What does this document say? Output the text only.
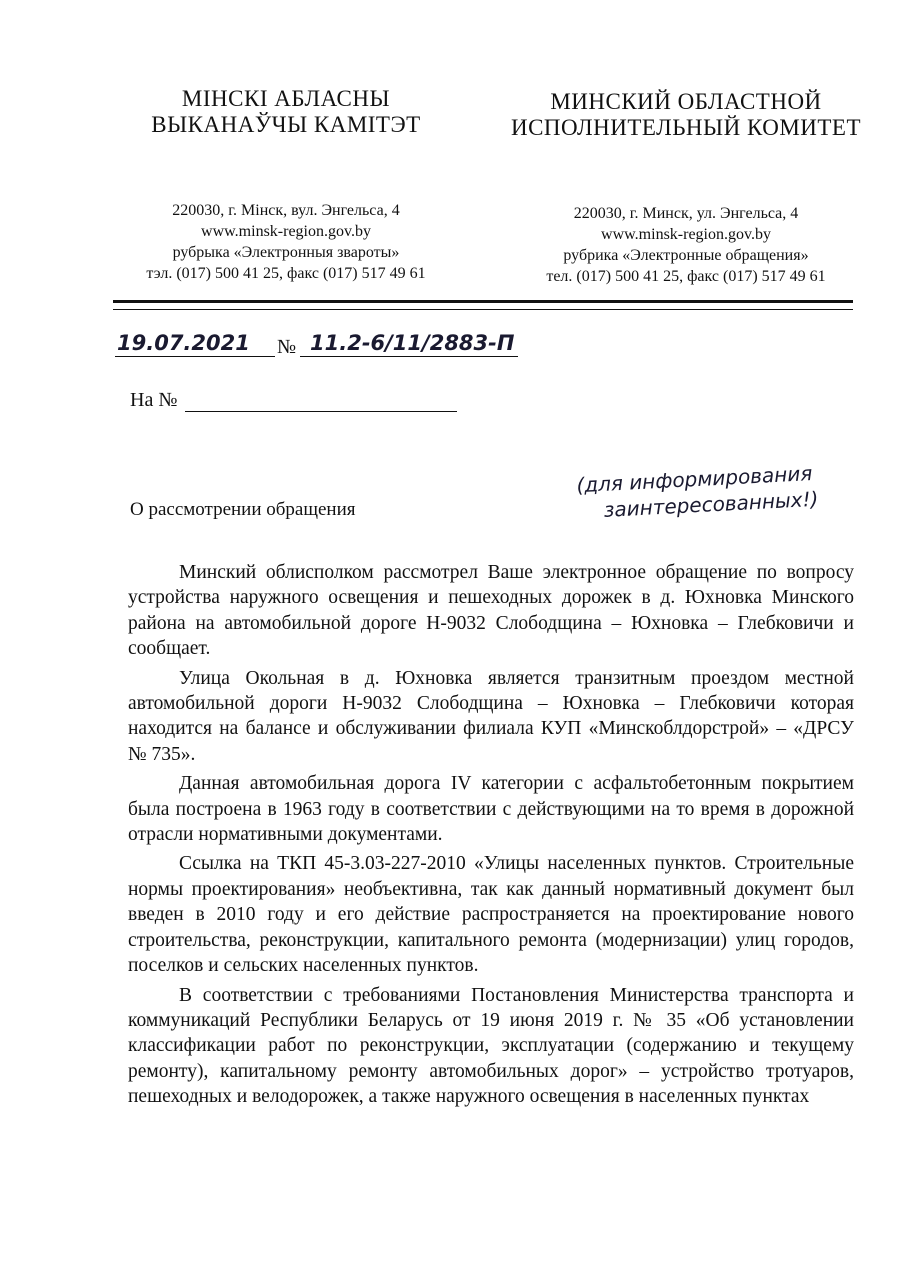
МІНСКІ АБЛАСНЫ
ВЫКАНАЎЧЫ КАМІТЭТ
220030, г. Мінск, вул. Энгельса, 4
www.minsk-region.gov.by
рубрыка «Электронныя звароты»
тэл. (017) 500 41 25, факс (017) 517 49 61
МИНСКИЙ ОБЛАСТНОЙ
ИСПОЛНИТЕЛЬНЫЙ КОМИТЕТ
220030, г. Минск, ул. Энгельса, 4
www.minsk-region.gov.by
рубрика «Электронные обращения»
тел. (017) 500 41 25, факс (017) 517 49 61
19.07.2021 № 11.2-6/11/2883-П
На №
(для информирования
заинтересованных!)
О рассмотрении обращения

Минский облисполком рассмотрел Ваше электронное обращение по вопросу устройства наружного освещения и пешеходных дорожек в д. Юхновка Минского района на автомобильной дороге Н-9032 Слободщина – Юхновка – Глебковичи и сообщает.

Улица Окольная в д. Юхновка является транзитным проездом местной автомобильной дороги Н-9032 Слободщина – Юхновка – Глебковичи которая находится на балансе и обслуживании филиала КУП «Минскоблдорстрой» – «ДРСУ № 735».

Данная автомобильная дорога IV категории с асфальтобетонным покрытием была построена в 1963 году в соответствии с действующими на то время в дорожной отрасли нормативными документами.

Ссылка на ТКП 45-3.03-227-2010 «Улицы населенных пунктов. Строительные нормы проектирования» необъективна, так как данный нормативный документ был введен в 2010 году и его действие распространяется на проектирование нового строительства, реконструкции, капитального ремонта (модернизации) улиц городов, поселков и сельских населенных пунктов.

В соответствии с требованиями Постановления Министерства транспорта и коммуникаций Республики Беларусь от 19 июня 2019 г. № 35 «Об установлении классификации работ по реконструкции, эксплуатации (содержанию и текущему ремонту), капитальному ремонту автомобильных дорог» – устройство тротуаров, пешеходных и велодорожек, а также наружного освещения в населенных пунктах
